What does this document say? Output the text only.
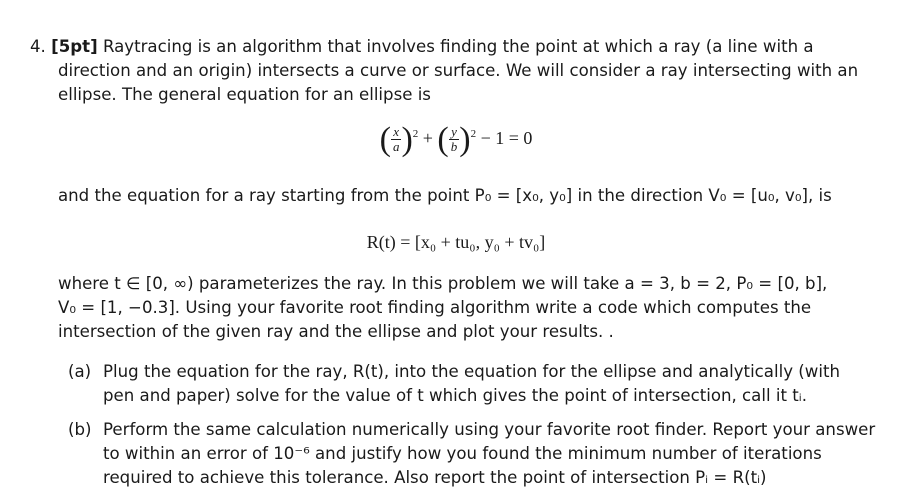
4. [5pt] Raytracing is an algorithm that involves finding the point at which a ray (a line with a
direction and an origin) intersects a curve or surface. We will consider a ray intersecting with an
ellipse. The general equation for an ellipse is
( $\frac{x}{a} )^2$ + ( $\frac{y}{b} )^2 - 1 = 0$
and the equation for a ray starting from the point P₀ = [x₀, y₀] in the direction V₀ = [u₀, v₀], is
R(t) = [x₀ + tu₀, y₀ + tv₀]
where t ∈ [0, ∞) parameterizes the ray. In this problem we will take a = 3, b = 2, P₀ = [0, b],
V₀ = [1, −0.3]. Using your favorite root finding algorithm write a code which computes the
intersection of the given ray and the ellipse and plot your results. .
(a) Plug the equation for the ray, R(t), into the equation for the ellipse and analytically (with
pen and paper) solve for the value of t which gives the point of intersection, call it tᵢ.
(b) Perform the same calculation numerically using your favorite root finder. Report your answer
to within an error of 10⁻⁶ and justify how you found the minimum number of iterations
required to achieve this tolerance. Also report the point of intersection Pᵢ = R(tᵢ)
